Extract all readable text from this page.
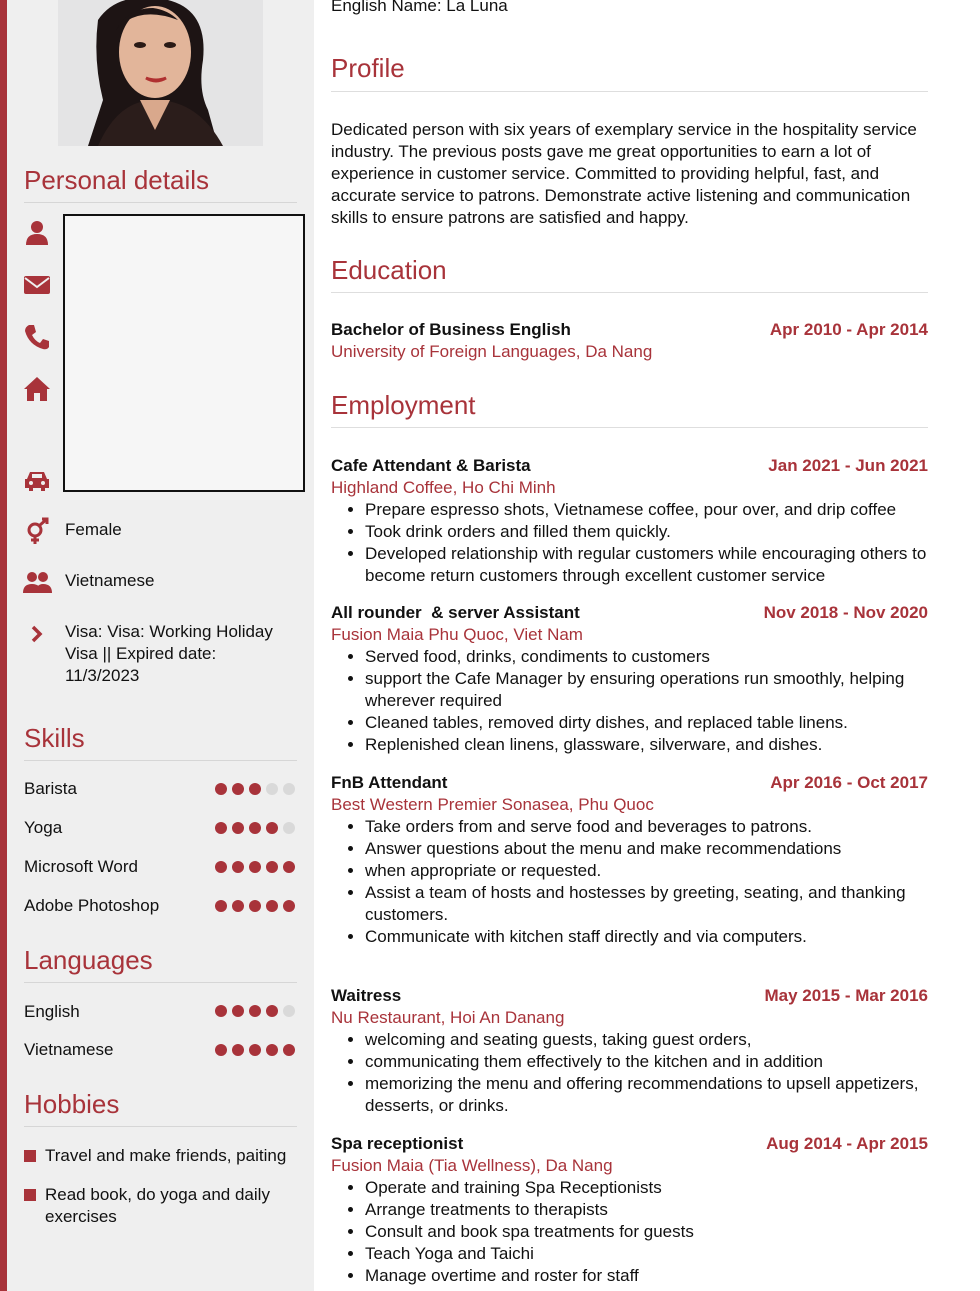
Personal details
Female
Vietnamese
Visa: Visa: Working Holiday Visa || Expired date: 11/3/2023
Skills
Barista
Yoga
Microsoft Word
Adobe Photoshop
Languages
English
Vietnamese
Hobbies
Travel and make friends, paiting
Read book, do yoga and daily exercises
English Name: La Luna
Profile

Dedicated person with six years of exemplary service in the hospitality service industry. The previous posts gave me great opportunities to earn a lot of experience in customer service. Committed to providing helpful, fast, and accurate service to patrons. Demonstrate active listening and communication skills to ensure patrons are satisfied and happy.

Education
Bachelor of Business English	Apr 2010 - Apr 2014
University of Foreign Languages, Da Nang
Employment
Cafe Attendant & Barista	Jan 2021 - Jun 2021
Highland Coffee, Ho Chi Minh
• Prepare espresso shots, Vietnamese coffee, pour over, and drip coffee
• Took drink orders and filled them quickly.
• Developed relationship with regular customers while encouraging others to become return customers through excellent customer service
All rounder  & server Assistant	Nov 2018 - Nov 2020
Fusion Maia Phu Quoc, Viet Nam
• Served food, drinks, condiments to customers
• support the Cafe Manager by ensuring operations run smoothly, helping wherever required
• Cleaned tables, removed dirty dishes, and replaced table linens.
• Replenished clean linens, glassware, silverware, and dishes.
FnB Attendant	Apr 2016 - Oct 2017
Best Western Premier Sonasea, Phu Quoc
• Take orders from and serve food and beverages to patrons.
• Answer questions about the menu and make recommendations
• when appropriate or requested.
• Assist a team of hosts and hostesses by greeting, seating, and thanking customers.
• Communicate with kitchen staff directly and via computers.
Waitress	May 2015 - Mar 2016
Nu Restaurant, Hoi An Danang
• welcoming and seating guests, taking guest orders,
• communicating them effectively to the kitchen and in addition
• memorizing the menu and offering recommendations to upsell appetizers, desserts, or drinks.
Spa receptionist	Aug 2014 - Apr 2015
Fusion Maia (Tia Wellness), Da Nang
• Operate and training Spa Receptionists
• Arrange treatments to therapists
• Consult and book spa treatments for guests
• Teach Yoga and Taichi
• Manage overtime and roster for staff
